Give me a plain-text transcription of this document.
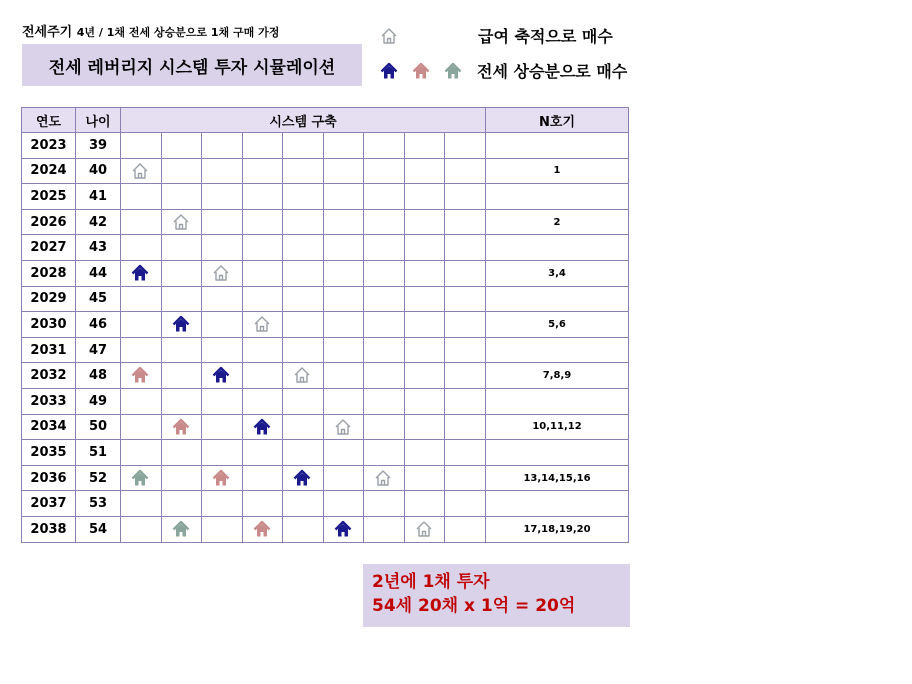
전세주기 4년 / 1채 전세 상승분으로 1채 구매 가정
전세 레버리지 시스템 투자 시뮬레이션
급여 축적으로 매수
전세 상승분으로 매수
연도	나이	시스템 구축									N호기
2023	39										
2024	40										1
2025	41										
2026	42										2
2027	43										
2028	44										3,4
2029	45										
2030	46										5,6
2031	47										
2032	48										7,8,9
2033	49										
2034	50										10,11,12
2035	51										
2036	52										13,14,15,16
2037	53										
2038	54										17,18,19,20
2년에 1채 투자
54세 20채 x 1억 = 20억
